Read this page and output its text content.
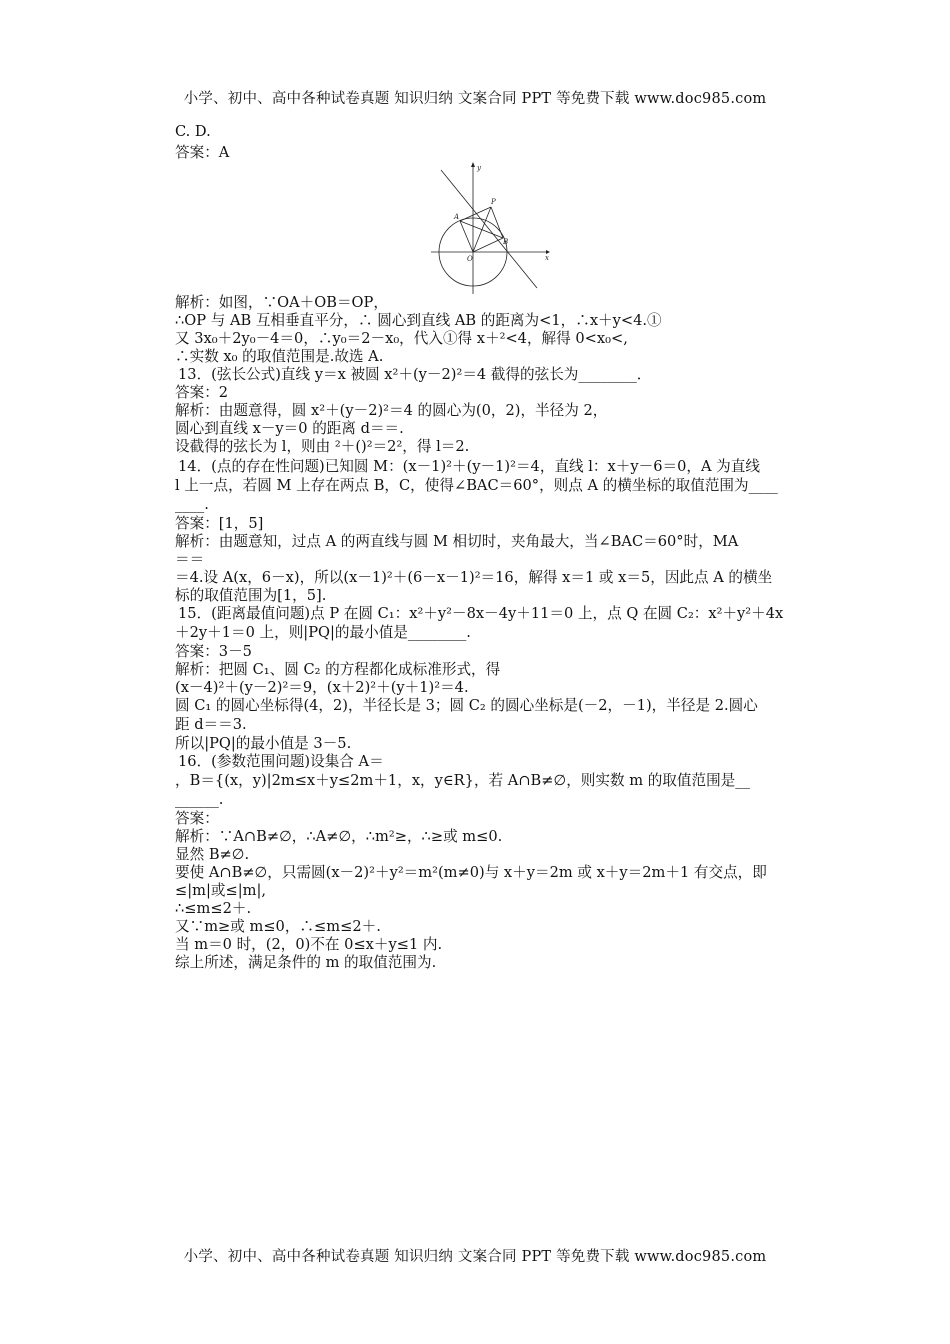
小学、初中、高中各种试卷真题 知识归纳 文案合同 PPT 等免费下载 www.doc985.com
C. D.
答案：A
解析：如图，∵OA＋OB＝OP，
∴OP 与 AB 互相垂直平分，∴ 圆心到直线 AB 的距离为<1，∴x＋y<4.①
又 3x₀＋2y₀－4＝0，∴y₀＝2－x₀，代入①得 x＋²<4，解得 0<x₀<,
∴实数 x₀ 的取值范围是.故选 A.
13．(弦长公式)直线 y＝x 被圆 x²＋(y－2)²＝4 截得的弦长为________．
答案：2
解析：由题意得，圆 x²＋(y－2)²＝4 的圆心为(0，2)，半径为 2，
圆心到直线 x－y＝0 的距离 d＝＝.
设截得的弦长为 l，则由 ²＋()²＝2²，得 l＝2.
14．(点的存在性问题)已知圆 M：(x－1)²＋(y－1)²＝4，直线 l：x＋y－6＝0，A 为直线
l 上一点，若圆 M 上存在两点 B，C，使得∠BAC＝60°，则点 A 的横坐标的取值范围为____
____.
答案：[1，5]
解析：由题意知，过点 A 的两直线与圆 M 相切时，夹角最大，当∠BAC＝60°时，MA
＝＝
＝4.设 A(x，6－x)，所以(x－1)²＋(6－x－1)²＝16，解得 x＝1 或 x＝5，因此点 A 的横坐
标的取值范围为[1，5].
15．(距离最值问题)点 P 在圆 C₁：x²＋y²－8x－4y＋11＝0 上，点 Q 在圆 C₂：x²＋y²＋4x
＋2y＋1＝0 上，则|PQ|的最小值是________.
答案：3－5
解析：把圆 C₁、圆 C₂ 的方程都化成标准形式，得
(x－4)²＋(y－2)²＝9，(x＋2)²＋(y＋1)²＝4.
圆 C₁ 的圆心坐标得(4，2)，半径长是 3；圆 C₂ 的圆心坐标是(－2，－1)，半径是 2.圆心
距 d＝＝3.
所以|PQ|的最小值是 3－5.
16．(参数范围问题)设集合 A＝
，B＝{(x，y)|2m≤x＋y≤2m＋1，x，y∈R}，若 A∩B≠∅，则实数 m 的取值范围是__
______.
答案：
解析：∵A∩B≠∅，∴A≠∅，∴m²≥，∴≥或 m≤0.
显然 B≠∅.
要使 A∩B≠∅，只需圆(x－2)²＋y²＝m²(m≠0)与 x＋y＝2m 或 x＋y＝2m＋1 有交点，即
≤|m|或≤|m|,
∴≤m≤2＋.
又∵m≥或 m≤0，∴≤m≤2＋.
当 m＝0 时，(2，0)不在 0≤x＋y≤1 内.
综上所述，满足条件的 m 的取值范围为.
y
x
O
A
B
P
小学、初中、高中各种试卷真题 知识归纳 文案合同 PPT 等免费下载 www.doc985.com
